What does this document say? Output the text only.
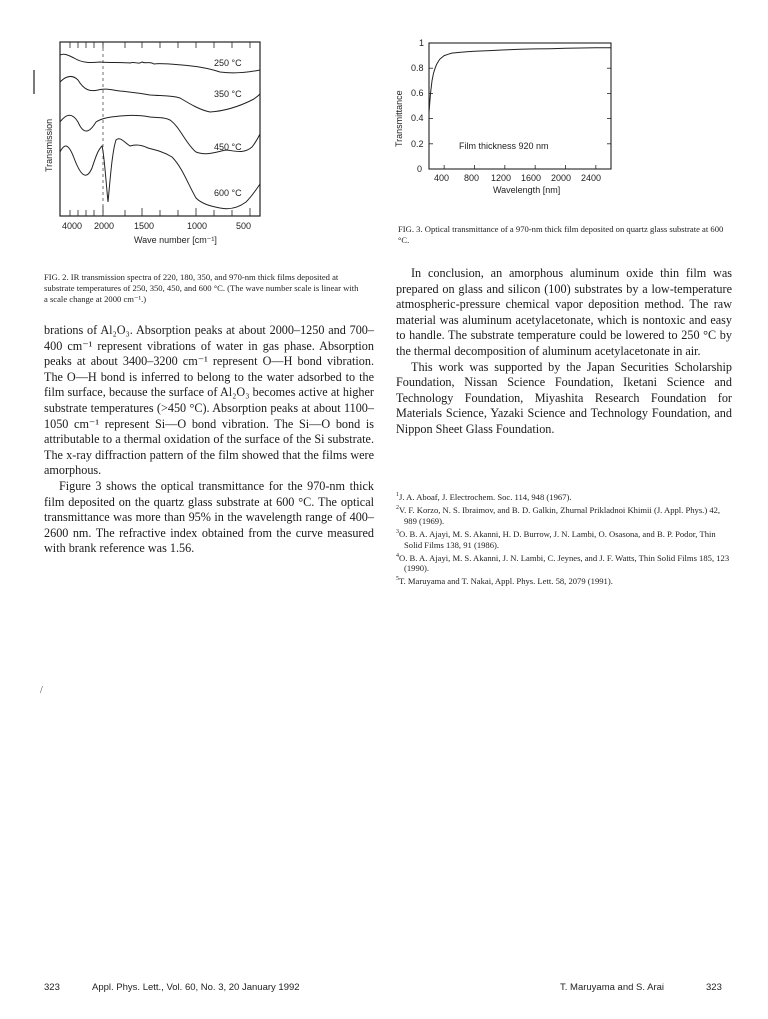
250 °C
350 °C
450 °C
600 °C
Transmission
4000 2000 1500	1000	500
Wave number [cm⁻¹]
FIG. 2. IR transmission spectra of 220, 180, 350, and 970-nm thick films deposited at substrate temperatures of 250, 350, 450, and 600 °C. (The wave number scale is linear with a scale change at 2000 cm⁻¹.)
0
0.2
0.4
0.6
0.8
1
400 800 1200 1600 2000 2400
Wavelength [nm]
Transmittance	Film thickness 920 nm
FIG. 3. Optical transmittance of a 970-nm thick film deposited on quartz glass substrate at 600 °C.

brations of Al₂O₃. Absorption peaks at about 2000–1250 and 700–400 cm⁻¹ represent vibrations of water in gas phase. Absorption peaks at about 3400–3200 cm⁻¹ represent O—H bond vibration. The O—H bond is inferred to belong to the water adsorbed to the film surface, because the surface of Al₂O₃ becomes active at higher substrate temperatures (>450 °C). Absorption peaks at about 1100–1050 cm⁻¹ represent Si—O bond vibration. The Si—O bond is attributable to a thermal oxidation of the surface of the Si substrate. The x-ray diffraction pattern of the film showed that the films were amorphous.

Figure 3 shows the optical transmittance for the 970-nm thick film deposited on the quartz glass substrate at 600 °C. The optical transmittance was more than 95% in the wavelength range of 400–2600 nm. The refractive index obtained from the curve measured with brank reference was 1.56.

In conclusion, an amorphous aluminum oxide thin film was prepared on glass and silicon (100) substrates by a low-temperature atmospheric-pressure chemical vapor deposition method. The raw material was aluminum acetylacetonate, which is nontoxic and easy to handle. The substrate temperature could be lowered to 250 °C by the thermal decomposition of aluminum acetylacetonate in air.

This work was supported by the Japan Securities Scholarship Foundation, Nissan Science Foundation, Iketani Science and Technology Foundation, Miyashita Research Foundation for Materials Science, Yazaki Science and Technology Foundation, and Nippon Sheet Glass Foundation.

$^1$J. A. Aboaf, J. Electrochem. Soc. 114, 948 (1967).

$^2$V. F. Korzo, N. S. Ibraimov, and B. D. Galkin, Zhurnal Prikladnoi Khimii (J. Appl. Phys.) 42, 989 (1969).

$^3$O. B. A. Ajayi, M. S. Akanni, H. D. Burrow, J. N. Lambi, O. Osasona, and B. P. Podor, Thin Solid Films 138, 91 (1986).

$^4$O. B. A. Ajayi, M. S. Akanni, J. N. Lambi, C. Jeynes, and J. F. Watts, Thin Solid Films 185, 123 (1990).

$^5$T. Maruyama and T. Nakai, Appl. Phys. Lett. 58, 2079 (1991).

/
323	Appl. Phys. Lett., Vol. 60, No. 3, 20 January 1992	T. Maruyama and S. Arai	323
